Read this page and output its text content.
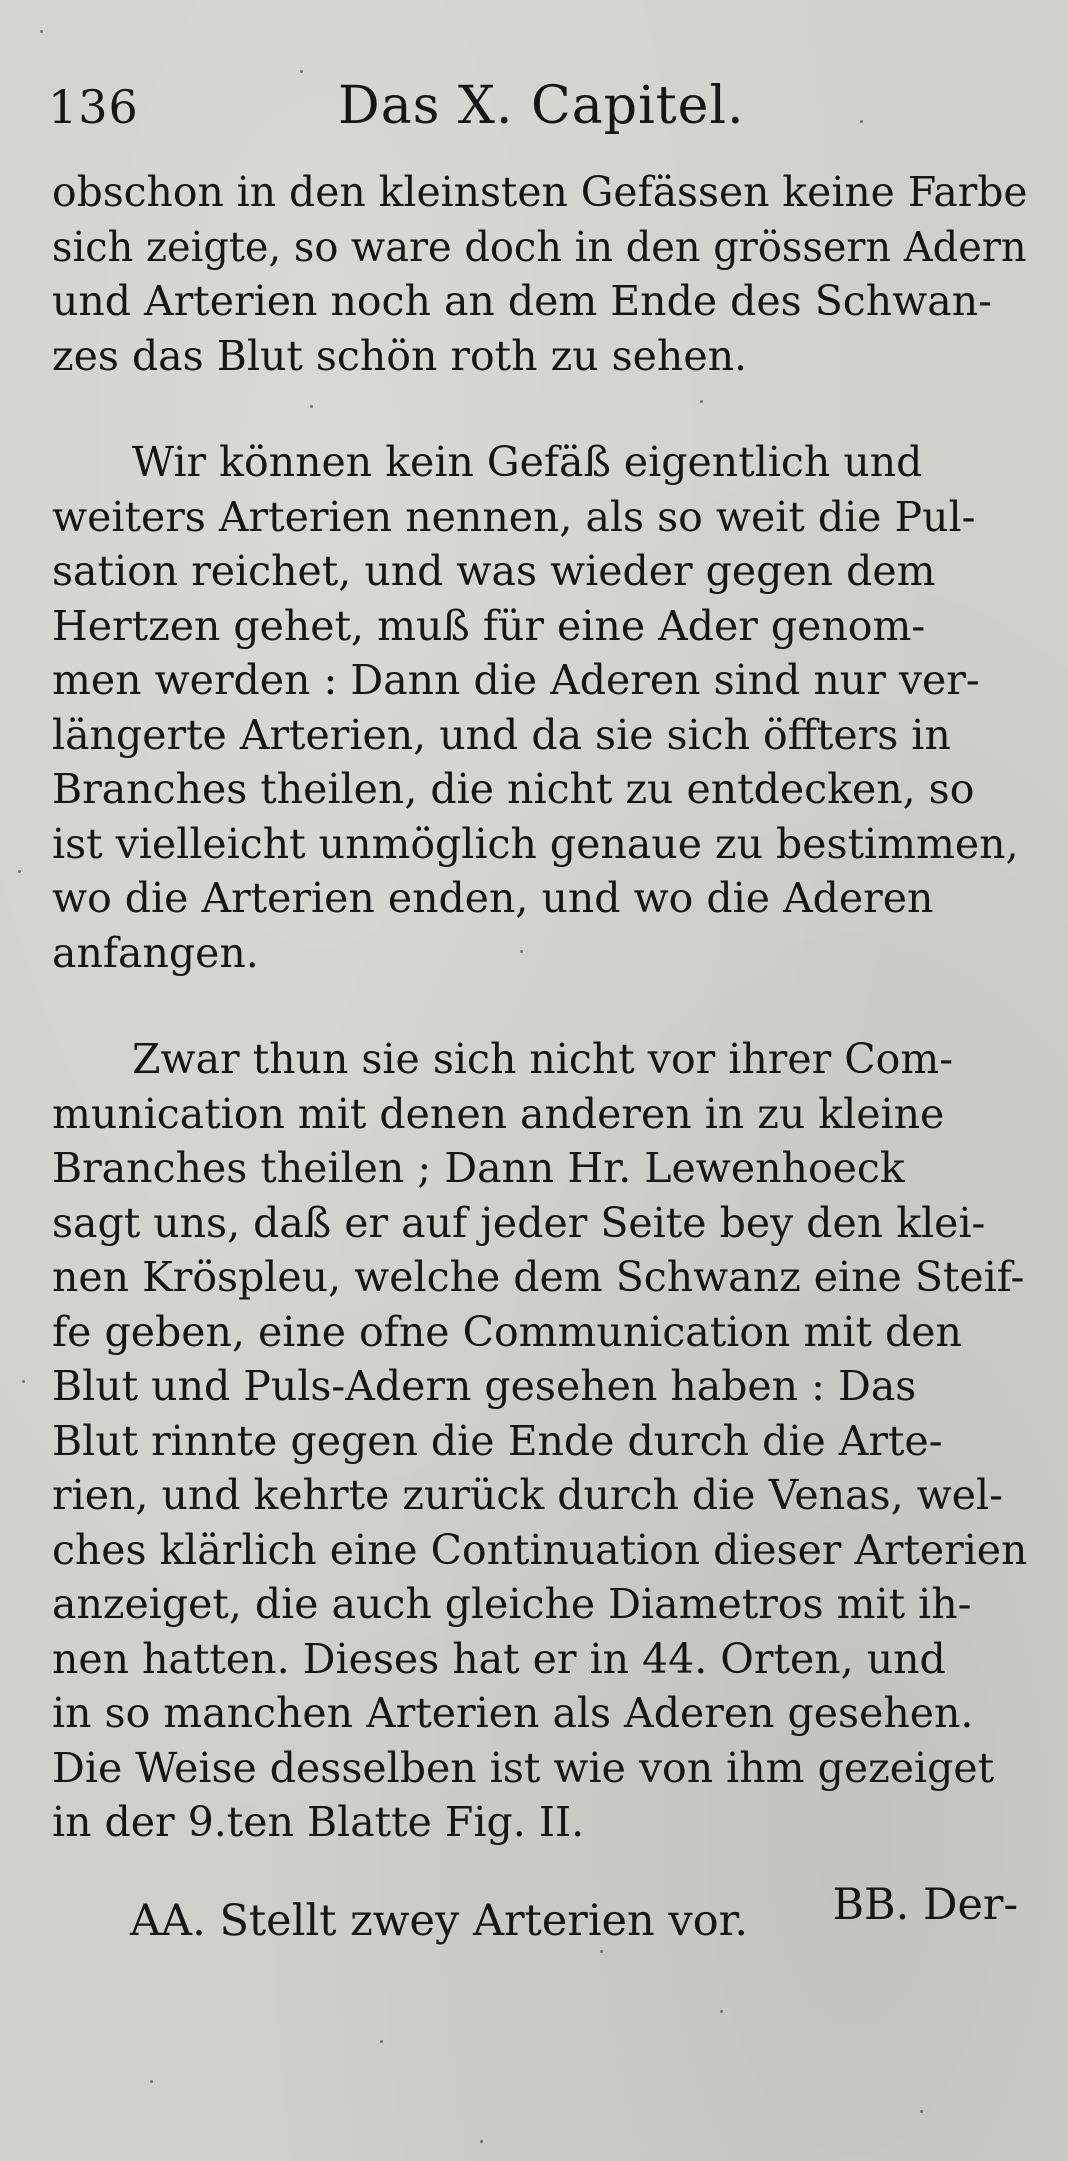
136	Das X. Capitel.
obschon in den kleinsten Gefässen keine Farbe
sich zeigte, so ware doch in den grössern Adern
und Arterien noch an dem Ende des Schwan-
zes das Blut schön roth zu sehen.
Wir können kein Gefäß eigentlich und
weiters Arterien nennen, als so weit die Pul-
sation reichet, und was wieder gegen dem
Hertzen gehet, muß für eine Ader genom-
men werden : Dann die Aderen sind nur ver-
längerte Arterien, und da sie sich öffters in
Branches theilen, die nicht zu entdecken, so
ist vielleicht unmöglich genaue zu bestimmen,
wo die Arterien enden, und wo die Aderen
anfangen.
Zwar thun sie sich nicht vor ihrer Com-
munication mit denen anderen in zu kleine
Branches theilen ; Dann Hr. Lewenhoeck
sagt uns, daß er auf jeder Seite bey den klei-
nen Kröspleu, welche dem Schwanz eine Steif-
fe geben, eine ofne Communication mit den
Blut und Puls-Adern gesehen haben : Das
Blut rinnte gegen die Ende durch die Arte-
rien, und kehrte zurück durch die Venas, wel-
ches klärlich eine Continuation dieser Arterien
anzeiget, die auch gleiche Diametros mit ih-
nen hatten. Dieses hat er in 44. Orten, und
in so manchen Arterien als Aderen gesehen.
Die Weise desselben ist wie von ihm gezeiget
in der 9.ten Blatte Fig. II.
AA. Stellt zwey Arterien vor.	BB. Der-
